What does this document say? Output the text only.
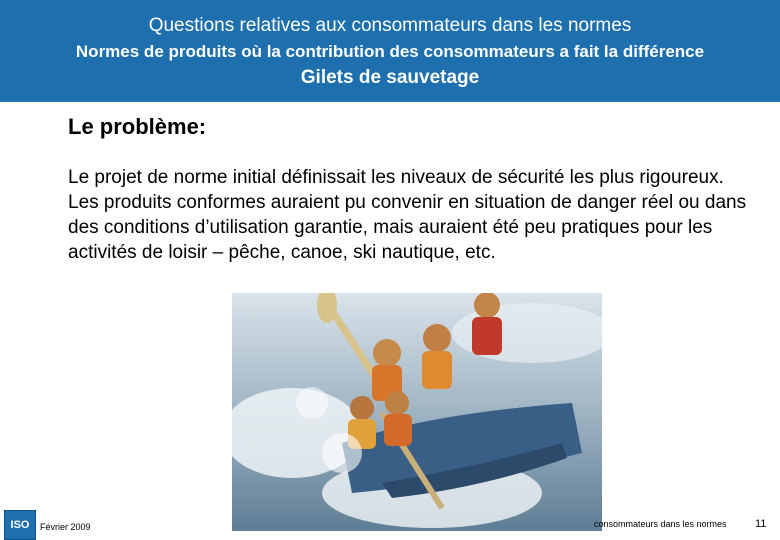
Questions relatives aux consommateurs dans les normes
Normes de produits où la contribution des consommateurs a fait la différence
Gilets de sauvetage
Le problème:
Le projet de norme initial définissait les niveaux de sécurité les plus rigoureux. Les produits conformes auraient pu convenir en situation de danger réel ou dans des conditions d’utilisation garantie, mais auraient été peu pratiques pour les activités de loisir – pêche, canoe, ski nautique, etc.
ISO	Février 2009	consommateurs dans les normes	11
